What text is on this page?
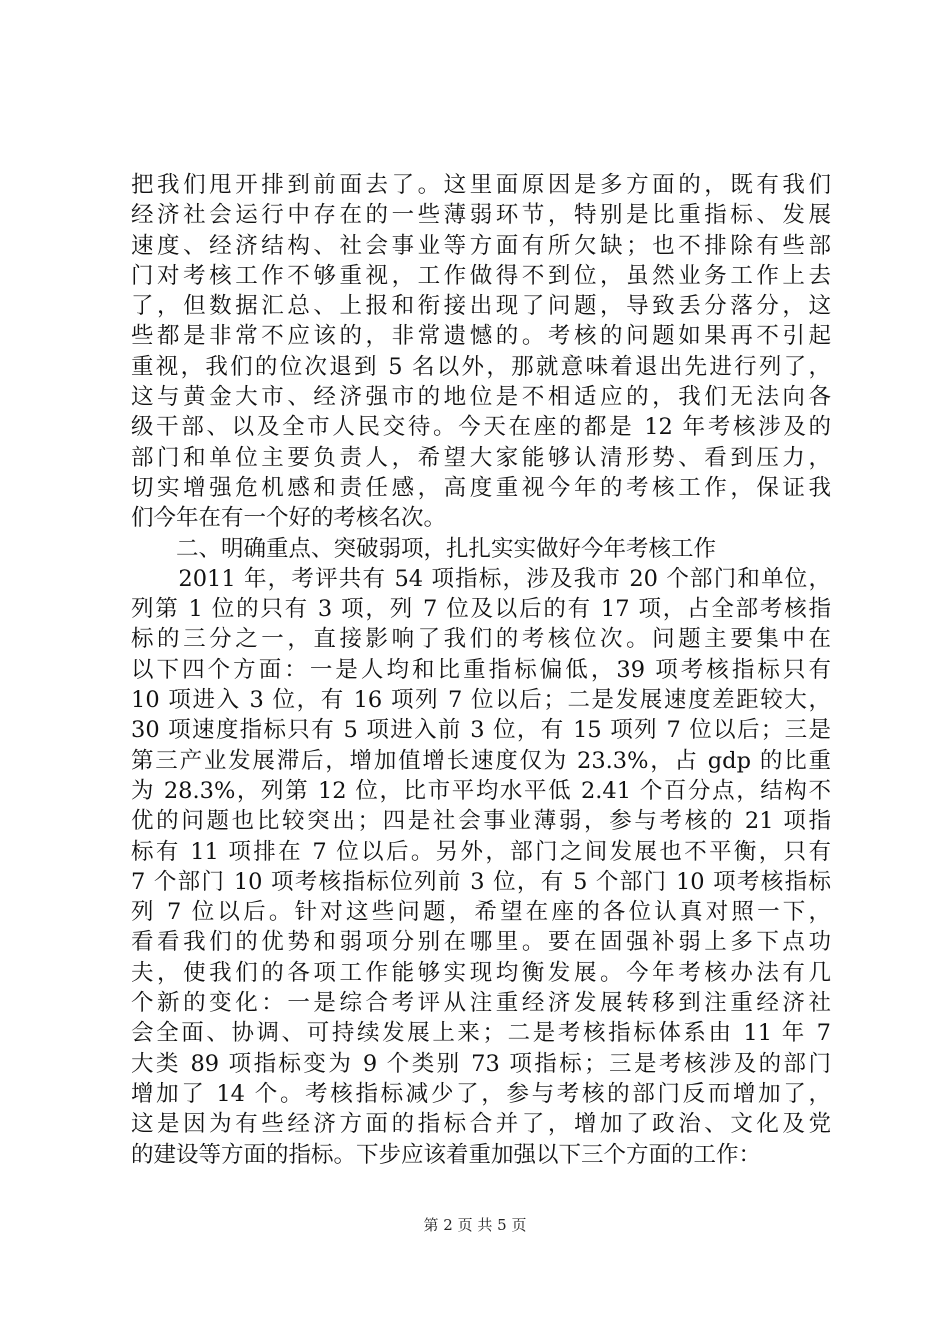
把我们甩开排到前面去了。这里面原因是多方面的，既有我们
经济社会运行中存在的一些薄弱环节，特别是比重指标、发展
速度、经济结构、社会事业等方面有所欠缺；也不排除有些部
门对考核工作不够重视，工作做得不到位，虽然业务工作上去
了，但数据汇总、上报和衔接出现了问题，导致丢分落分，这
些都是非常不应该的，非常遗憾的。考核的问题如果再不引起
重视，我们的位次退到 5 名以外，那就意味着退出先进行列了，
这与黄金大市、经济强市的地位是不相适应的，我们无法向各
级干部、以及全市人民交待。今天在座的都是 12 年考核涉及的
部门和单位主要负责人，希望大家能够认清形势、看到压力，
切实增强危机感和责任感，高度重视今年的考核工作，保证我
们今年在有一个好的考核名次。
　　二、明确重点、突破弱项，扎扎实实做好今年考核工作
　　2011 年，考评共有 54 项指标，涉及我市 20 个部门和单位，
列第 1 位的只有 3 项，列 7 位及以后的有 17 项，占全部考核指
标的三分之一，直接影响了我们的考核位次。问题主要集中在
以下四个方面：一是人均和比重指标偏低，39 项考核指标只有
10 项进入 3 位，有 16 项列 7 位以后；二是发展速度差距较大，
30 项速度指标只有 5 项进入前 3 位，有 15 项列 7 位以后；三是
第三产业发展滞后，增加值增长速度仅为 23.3%，占 gdp 的比重
为 28.3%，列第 12 位，比市平均水平低 2.41 个百分点，结构不
优的问题也比较突出；四是社会事业薄弱，参与考核的 21 项指
标有 11 项排在 7 位以后。另外，部门之间发展也不平衡，只有
7 个部门 10 项考核指标位列前 3 位，有 5 个部门 10 项考核指标
列 7 位以后。针对这些问题，希望在座的各位认真对照一下，
看看我们的优势和弱项分别在哪里。要在固强补弱上多下点功
夫，使我们的各项工作能够实现均衡发展。今年考核办法有几
个新的变化：一是综合考评从注重经济发展转移到注重经济社
会全面、协调、可持续发展上来；二是考核指标体系由 11 年 7
大类 89 项指标变为 9 个类别 73 项指标；三是考核涉及的部门
增加了 14 个。考核指标减少了，参与考核的部门反而增加了，
这是因为有些经济方面的指标合并了，增加了政治、文化及党
的建设等方面的指标。下步应该着重加强以下三个方面的工作：
第 2 页 共 5 页
